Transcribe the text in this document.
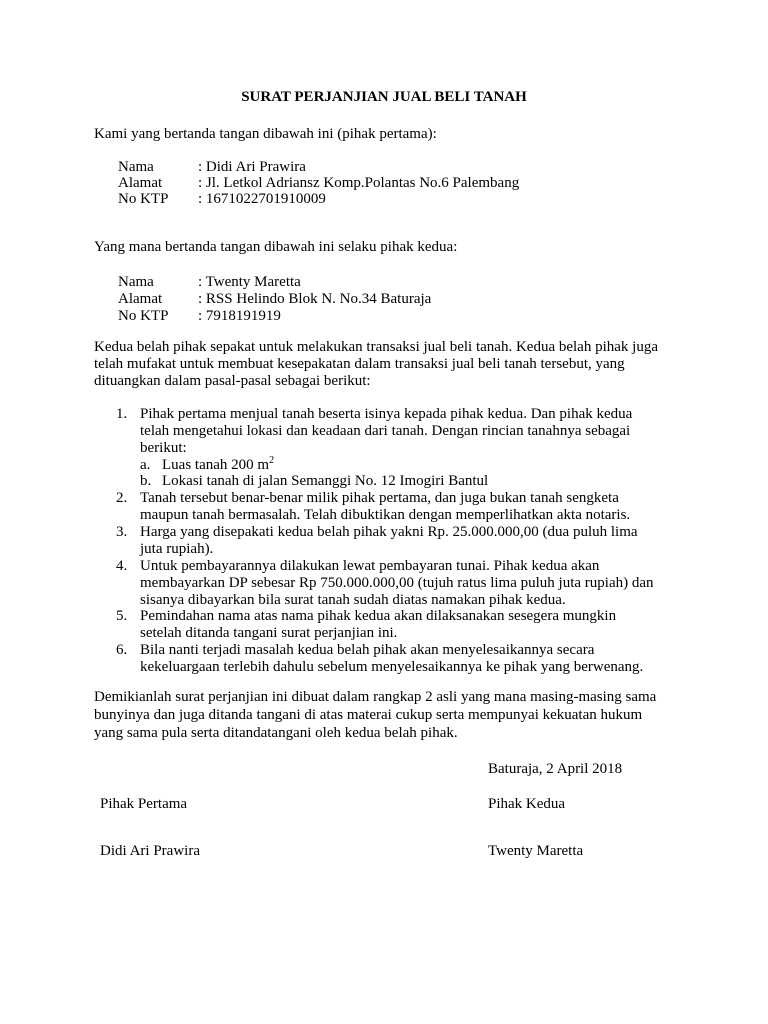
SURAT PERJANJIAN JUAL BELI TANAH
Kami yang bertanda tangan dibawah ini (pihak pertama):
Nama	: Didi Ari Prawira
Alamat : Jl. Letkol Adriansz Komp.Polantas No.6 Palembang
No KTP : 1671022701910009
Yang mana bertanda tangan dibawah ini selaku pihak kedua:
Nama	: Twenty Maretta
Alamat : RSS Helindo Blok N. No.34 Baturaja
No KTP : 7918191919
Kedua belah pihak sepakat untuk melakukan transaksi jual beli tanah. Kedua belah pihak juga
telah mufakat untuk membuat kesepakatan dalam transaksi jual beli tanah tersebut, yang
dituangkan dalam pasal-pasal sebagai berikut:
1. Pihak pertama menjual tanah beserta isinya kepada pihak kedua. Dan pihak kedua
telah mengetahui lokasi dan keadaan dari tanah. Dengan rincian tanahnya sebagai
berikut:
a. Luas tanah 200 $m^2$
b. Lokasi tanah di jalan Semanggi No. 12 Imogiri Bantul
2. Tanah tersebut benar-benar milik pihak pertama, dan juga bukan tanah sengketa
maupun tanah bermasalah. Telah dibuktikan dengan memperlihatkan akta notaris.
3. Harga yang disepakati kedua belah pihak yakni Rp. 25.000.000,00 (dua puluh lima
juta rupiah).
4. Untuk pembayarannya dilakukan lewat pembayaran tunai. Pihak kedua akan
membayarkan DP sebesar Rp 750.000.000,00 (tujuh ratus lima puluh juta rupiah) dan
sisanya dibayarkan bila surat tanah sudah diatas namakan pihak kedua.
5. Pemindahan nama atas nama pihak kedua akan dilaksanakan sesegera mungkin
setelah ditanda tangani surat perjanjian ini.
6. Bila nanti terjadi masalah kedua belah pihak akan menyelesaikannya secara
kekeluargaan terlebih dahulu sebelum menyelesaikannya ke pihak yang berwenang.
Demikianlah surat perjanjian ini dibuat dalam rangkap 2 asli yang mana masing-masing sama
bunyinya dan juga ditanda tangani di atas materai cukup serta mempunyai kekuatan hukum
yang sama pula serta ditandatangani oleh kedua belah pihak.
Baturaja, 2 April 2018
Pihak Pertama	Pihak Kedua
Didi Ari Prawira	Twenty Maretta
